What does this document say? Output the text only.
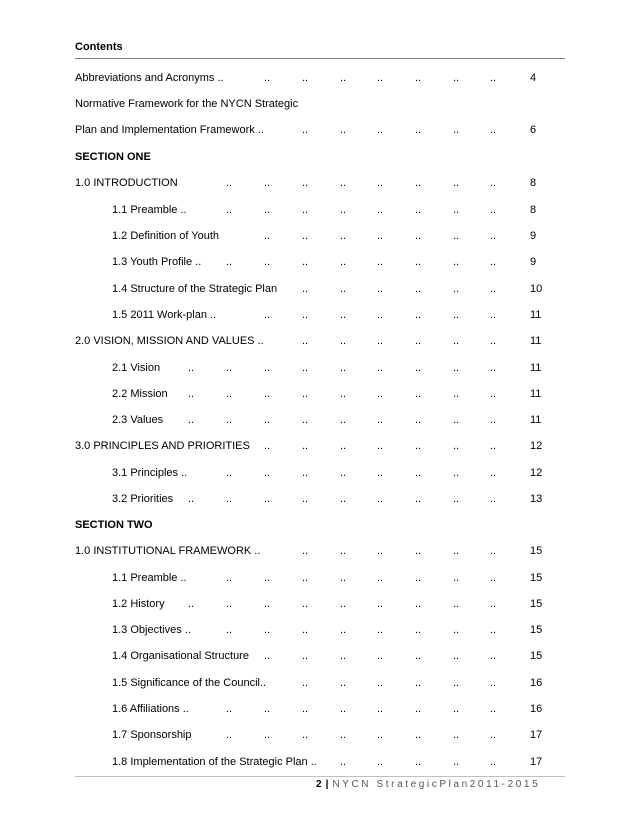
Contents
Abbreviations and Acronyms ..	..	..	..	..	..	..	..	4
Normative Framework for the NYCN Strategic
Plan and Implementation Framework ..	..	..	..	..	..	..	6
SECTION ONE
1.0 INTRODUCTION	..	..	..	..	..	..	..	..	8
1.1 Preamble ..	..	..	..	..	..	..	..	..	8
1.2 Definition of Youth	..	..	..	..	..	..	..	9
1.3 Youth Profile .. ..	..	..	..	..	..	..	..	9
1.4 Structure of the Strategic Plan ..	..	..	..	..	..	10
1.5 2011 Work-plan ..	..	..	..	..	..	..	..	11
2.0 VISION, MISSION AND VALUES ..	..	..	..	..	..	..	11
2.1 Vision	..	..	..	..	..	..	..	..	..	11
2.2 Mission ..	..	..	..	..	..	..	..	..	11
2.3 Values ..	..	..	..	..	..	..	..	..	11
3.0 PRINCIPLES AND PRIORITIES ..	..	..	..	..	..	..	12
3.1 Principles ..	..	..	..	..	..	..	..	..	12
3.2 Priorities ..	..	..	..	..	..	..	..	..	13
SECTION TWO
1.0 INSTITUTIONAL FRAMEWORK ..	..	..	..	..	..	..	15
1.1 Preamble ..	..	..	..	..	..	..	..	..	15
1.2 History ..	..	..	..	..	..	..	..	..	15
1.3 Objectives ..	..	..	..	..	..	..	..	..	15
1.4 Organisational Structure ..	..	..	..	..	..	..	15
1.5 Significance of the Council..	..	..	..	..	..	..	16
1.6 Affiliations ..	..	..	..	..	..	..	..	..	16
1.7 Sponsorship	..	..	..	..	..	..	..	..	17
1.8 Implementation of the Strategic Plan .. ..	..	..	..	..	17
2 | NYCN StrategicPlan2011-2015
